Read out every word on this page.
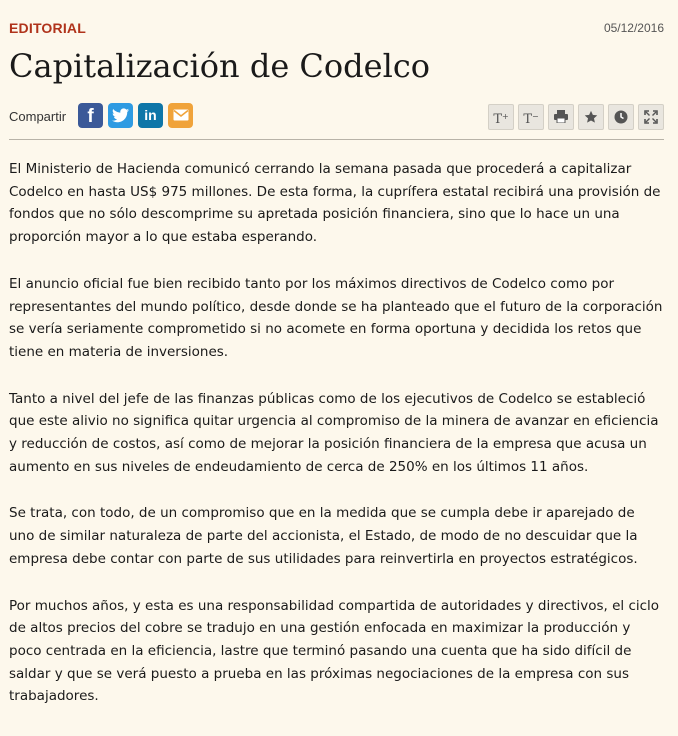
EDITORIAL	05/12/2016
Capitalización de Codelco
Compartir	f	in	T+	T−

El Ministerio de Hacienda comunicó cerrando la semana pasada que procederá a capitalizar Codelco en hasta US$ 975 millones. De esta forma, la cuprífera estatal recibirá una provisión de fondos que no sólo descomprime su apretada posición financiera, sino que lo hace un una proporción mayor a lo que estaba esperando.

El anuncio oficial fue bien recibido tanto por los máximos directivos de Codelco como por representantes del mundo político, desde donde se ha planteado que el futuro de la corporación se vería seriamente comprometido si no acomete en forma oportuna y decidida los retos que tiene en materia de inversiones.

Tanto a nivel del jefe de las finanzas públicas como de los ejecutivos de Codelco se estableció que este alivio no significa quitar urgencia al compromiso de la minera de avanzar en eficiencia y reducción de costos, así como de mejorar la posición financiera de la empresa que acusa un aumento en sus niveles de endeudamiento de cerca de 250% en los últimos 11 años.

Se trata, con todo, de un compromiso que en la medida que se cumpla debe ir aparejado de uno de similar naturaleza de parte del accionista, el Estado, de modo de no descuidar que la empresa debe contar con parte de sus utilidades para reinvertirla en proyectos estratégicos.

Por muchos años, y esta es una responsabilidad compartida de autoridades y directivos, el ciclo de altos precios del cobre se tradujo en una gestión enfocada en maximizar la producción y poco centrada en la eficiencia, lastre que terminó pasando una cuenta que ha sido difícil de saldar y que se verá puesto a prueba en las próximas negociaciones de la empresa con sus trabajadores.
